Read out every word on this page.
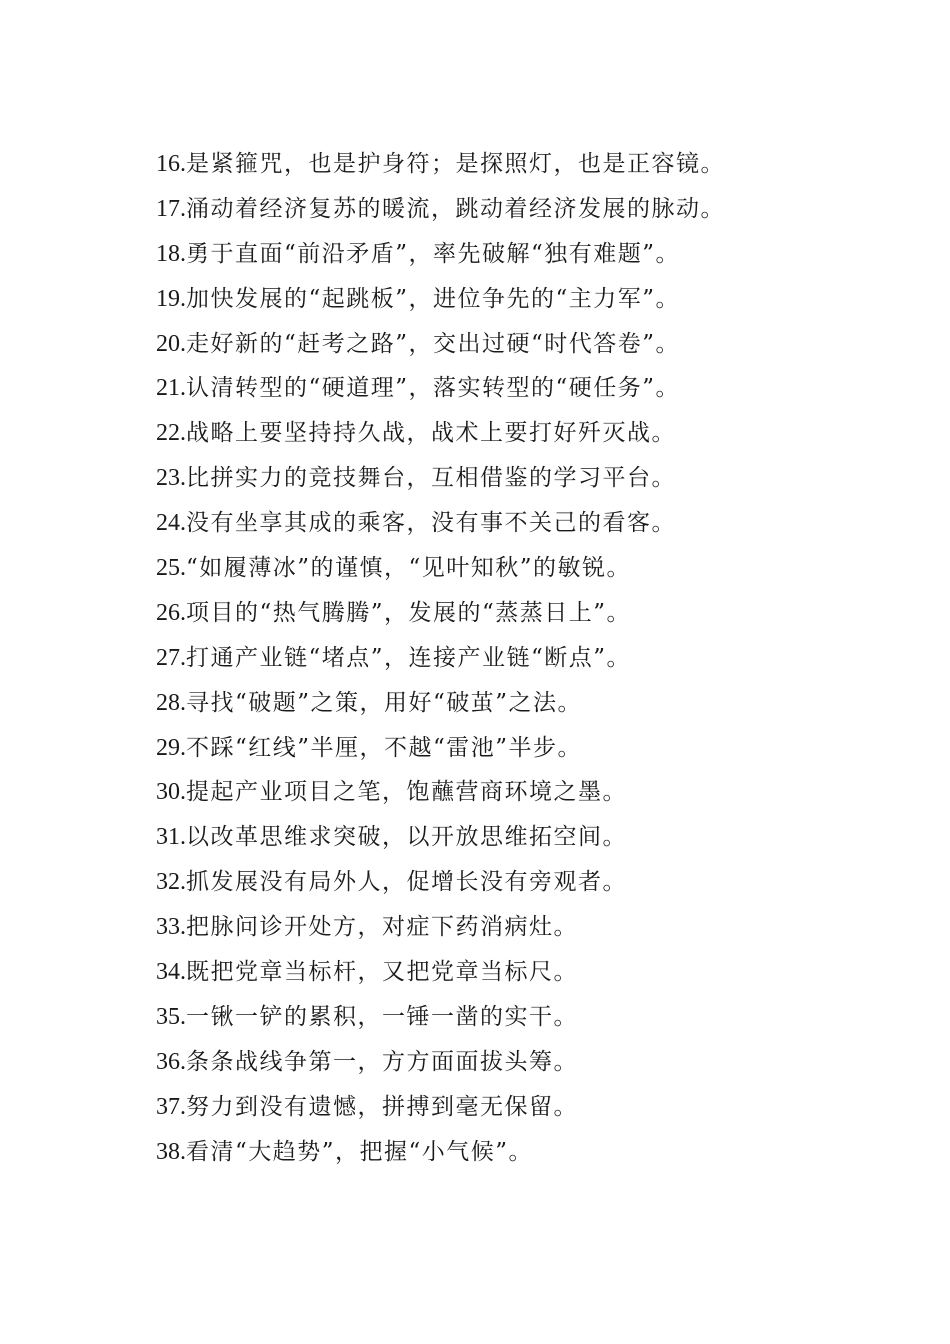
16.是紧箍咒，也是护身符；是探照灯，也是正容镜。
17.涌动着经济复苏的暖流，跳动着经济发展的脉动。
18.勇于直面“前沿矛盾”，率先破解“独有难题”。
19.加快发展的“起跳板”，进位争先的“主力军”。
20.走好新的“赶考之路”，交出过硬“时代答卷”。
21.认清转型的“硬道理”，落实转型的“硬任务”。
22.战略上要坚持持久战，战术上要打好歼灭战。
23.比拼实力的竞技舞台，互相借鉴的学习平台。
24.没有坐享其成的乘客，没有事不关己的看客。
25.“如履薄冰”的谨慎，“见叶知秋”的敏锐。
26.项目的“热气腾腾”，发展的“蒸蒸日上”。
27.打通产业链“堵点”，连接产业链“断点”。
28.寻找“破题”之策，用好“破茧”之法。
29.不踩“红线”半厘，不越“雷池”半步。
30.提起产业项目之笔，饱蘸营商环境之墨。
31.以改革思维求突破，以开放思维拓空间。
32.抓发展没有局外人，促增长没有旁观者。
33.把脉问诊开处方，对症下药消病灶。
34.既把党章当标杆，又把党章当标尺。
35.一锹一铲的累积，一锤一凿的实干。
36.条条战线争第一，方方面面拔头筹。
37.努力到没有遗憾，拼搏到毫无保留。
38.看清“大趋势”，把握“小气候”。
